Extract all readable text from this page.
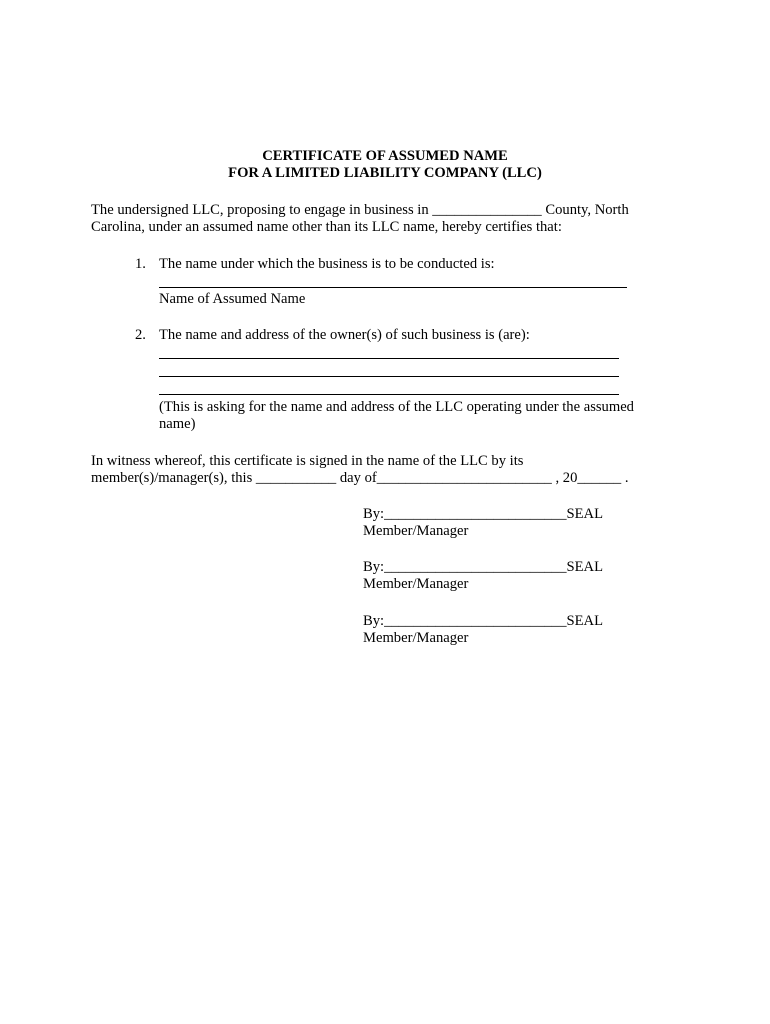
CERTIFICATE OF ASSUMED NAME
FOR A LIMITED LIABILITY COMPANY (LLC)
The undersigned LLC, proposing to engage in business in _______________ County, North
Carolina, under an assumed name other than its LLC name, hereby certifies that:
1. The name under which the business is to be conducted is:
Name of Assumed Name
2. The name and address of the owner(s) of such business is (are):
(This is asking for the name and address of the LLC operating under the assumed
name)
In witness whereof, this certificate is signed in the name of the LLC by its
member(s)/manager(s), this ___________ day of________________________ , 20______ .
By:_________________________SEAL
Member/Manager
By:_________________________SEAL
Member/Manager
By:_________________________SEAL
Member/Manager
